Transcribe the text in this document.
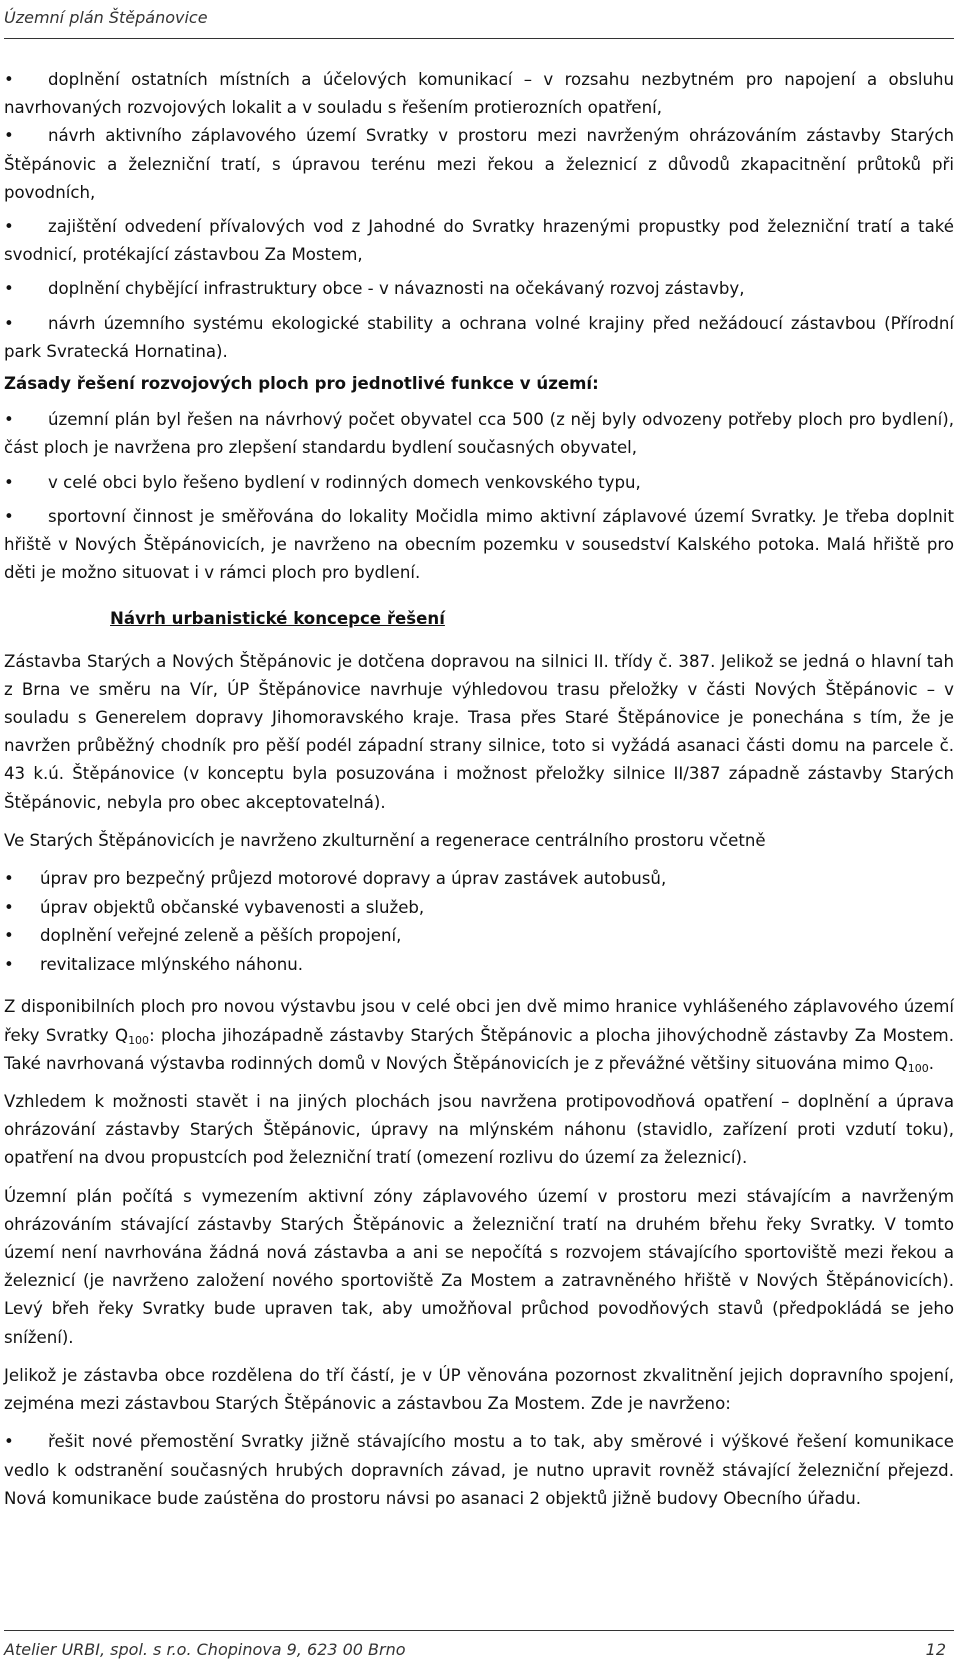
Územní plán Štěpánovice

• doplnění ostatních místních a účelových komunikací – v rozsahu nezbytném pro napojení a obsluhu navrhovaných rozvojových lokalit a v souladu s řešením protierozních opatření,

• návrh aktivního záplavového území Svratky v prostoru mezi navrženým ohrázováním zástavby Starých Štěpánovic a železniční tratí, s úpravou terénu mezi řekou a železnicí z důvodů zkapacitnění průtoků při povodních,

• zajištění odvedení přívalových vod z Jahodné do Svratky hrazenými propustky pod železniční tratí a také svodnicí, protékající zástavbou Za Mostem,

• doplnění chybějící infrastruktury obce - v návaznosti na očekávaný rozvoj zástavby,

• návrh územního systému ekologické stability a ochrana volné krajiny před nežádoucí zástavbou (Přírodní park Svratecká Hornatina).

Zásady řešení rozvojových ploch pro jednotlivé funkce v území:

• územní plán byl řešen na návrhový počet obyvatel cca 500 (z něj byly odvozeny potřeby ploch pro bydlení), část ploch je navržena pro zlepšení standardu bydlení současných obyvatel,

• v celé obci bylo řešeno bydlení v rodinných domech venkovského typu,

• sportovní činnost je směřována do lokality Močidla mimo aktivní záplavové území Svratky. Je třeba doplnit hřiště v Nových Štěpánovicích, je navrženo na obecním pozemku v sousedství Kalského potoka. Malá hřiště pro děti je možno situovat i v rámci ploch pro bydlení.

Návrh urbanistické koncepce řešení

Zástavba Starých a Nových Štěpánovic je dotčena dopravou na silnici II. třídy č. 387. Jelikož se jedná o hlavní tah z Brna ve směru na Vír, ÚP Štěpánovice navrhuje výhledovou trasu přeložky v části Nových Štěpánovic – v souladu s Generelem dopravy Jihomoravského kraje. Trasa přes Staré Štěpánovice je ponechána s tím, že je navržen průběžný chodník pro pěší podél západní strany silnice, toto si vyžádá asanaci části domu na parcele č. 43 k.ú. Štěpánovice (v konceptu byla posuzována i možnost přeložky silnice II/387 západně zástavby Starých Štěpánovic, nebyla pro obec akceptovatelná).

Ve Starých Štěpánovicích je navrženo zkulturnění a regenerace centrálního prostoru včetně

• úprav pro bezpečný průjezd motorové dopravy a úprav zastávek autobusů,
• úprav objektů občanské vybavenosti a služeb,
• doplnění veřejné zeleně a pěších propojení,
• revitalizace mlýnského náhonu.

Z disponibilních ploch pro novou výstavbu jsou v celé obci jen dvě mimo hranice vyhlášeného záplavového území řeky Svratky $Q_{100}$: plocha jihozápadně zástavby Starých Štěpánovic a plocha jihovýchodně zástavby Za Mostem. Také navrhovaná výstavba rodinných domů v Nových Štěpánovicích je z převážné většiny situována mimo $Q_{100}$.

Vzhledem k možnosti stavět i na jiných plochách jsou navržena protipovodňová opatření – doplnění a úprava ohrázování zástavby Starých Štěpánovic, úpravy na mlýnském náhonu (stavidlo, zařízení proti vzdutí toku), opatření na dvou propustcích pod železniční tratí (omezení rozlivu do území za železnicí).

Územní plán počítá s vymezením aktivní zóny záplavového území v prostoru mezi stávajícím a navrženým ohrázováním stávající zástavby Starých Štěpánovic a železniční tratí na druhém břehu řeky Svratky. V tomto území není navrhována žádná nová zástavba a ani se nepočítá s rozvojem stávajícího sportoviště mezi řekou a železnicí (je navrženo založení nového sportoviště Za Mostem a zatravněného hřiště v Nových Štěpánovicích). Levý břeh řeky Svratky bude upraven tak, aby umožňoval průchod povodňových stavů (předpokládá se jeho snížení).

Jelikož je zástavba obce rozdělena do tří částí, je v ÚP věnována pozornost zkvalitnění jejich dopravního spojení, zejména mezi zástavbou Starých Štěpánovic a zástavbou Za Mostem. Zde je navrženo:

• řešit nové přemostění Svratky jižně stávajícího mostu a to tak, aby směrové i výškové řešení komunikace vedlo k odstranění současných hrubých dopravních závad, je nutno upravit rovněž stávající železniční přejezd. Nová komunikace bude zaústěna do prostoru návsi po asanaci 2 objektů jižně budovy Obecního úřadu.

Atelier URBI, spol. s r.o. Chopinova 9, 623 00 Brno	12
